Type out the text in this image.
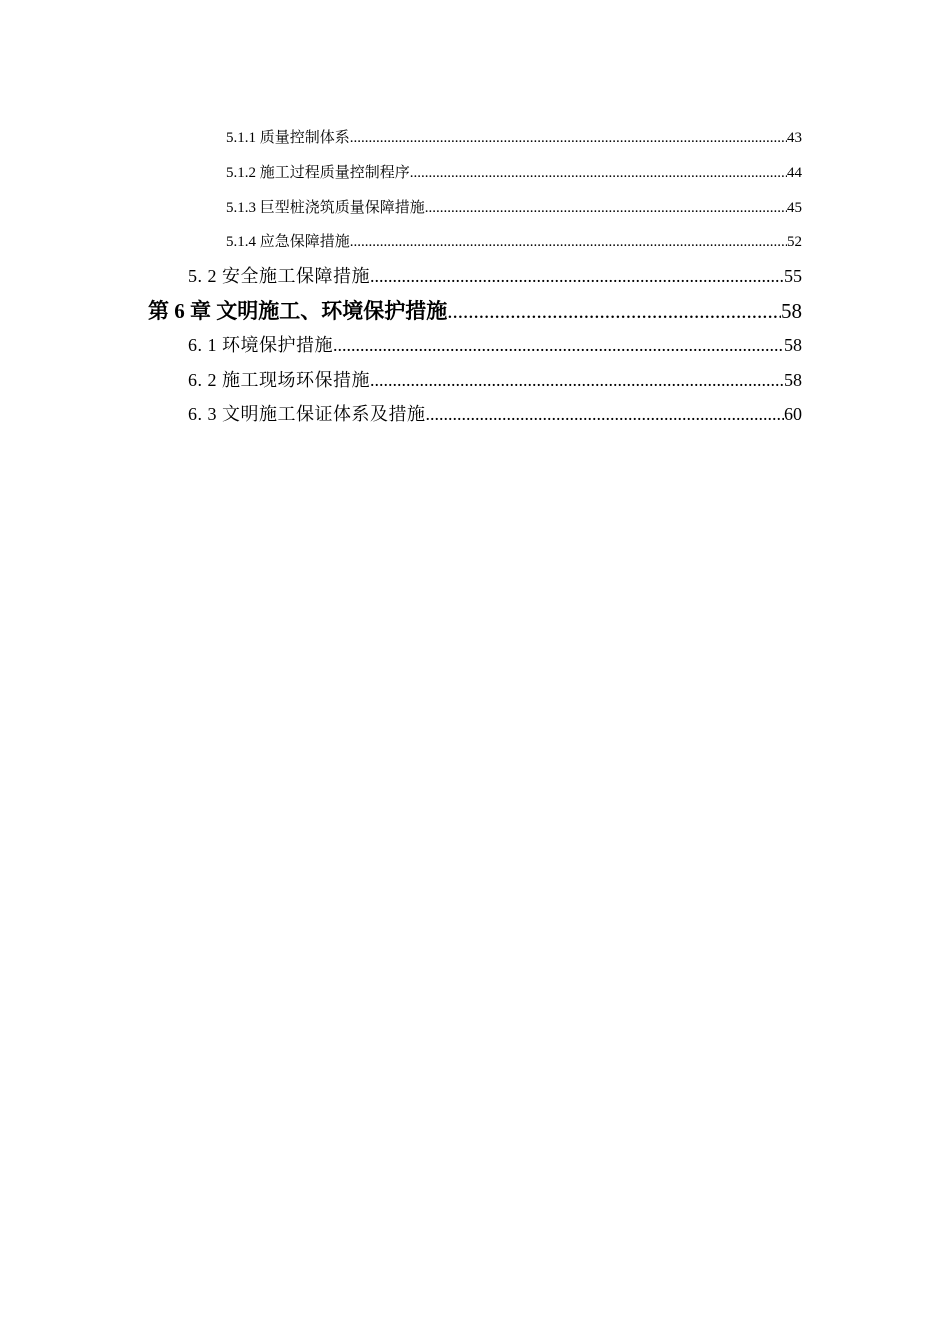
5.1.1 质量控制体系 .....	43
5.1.2 施工过程质量控制程序 .....	44
5.1.3 巨型桩浇筑质量保障措施 .....	45
5.1.4 应急保障措施 .....	52
5. 2 安全施工保障措施 .....	55
第 6 章 文明施工、环境保护措施 .....	58
6. 1 环境保护措施 .....	58
6. 2 施工现场环保措施 .....	58
6. 3 文明施工保证体系及措施 .....	60
